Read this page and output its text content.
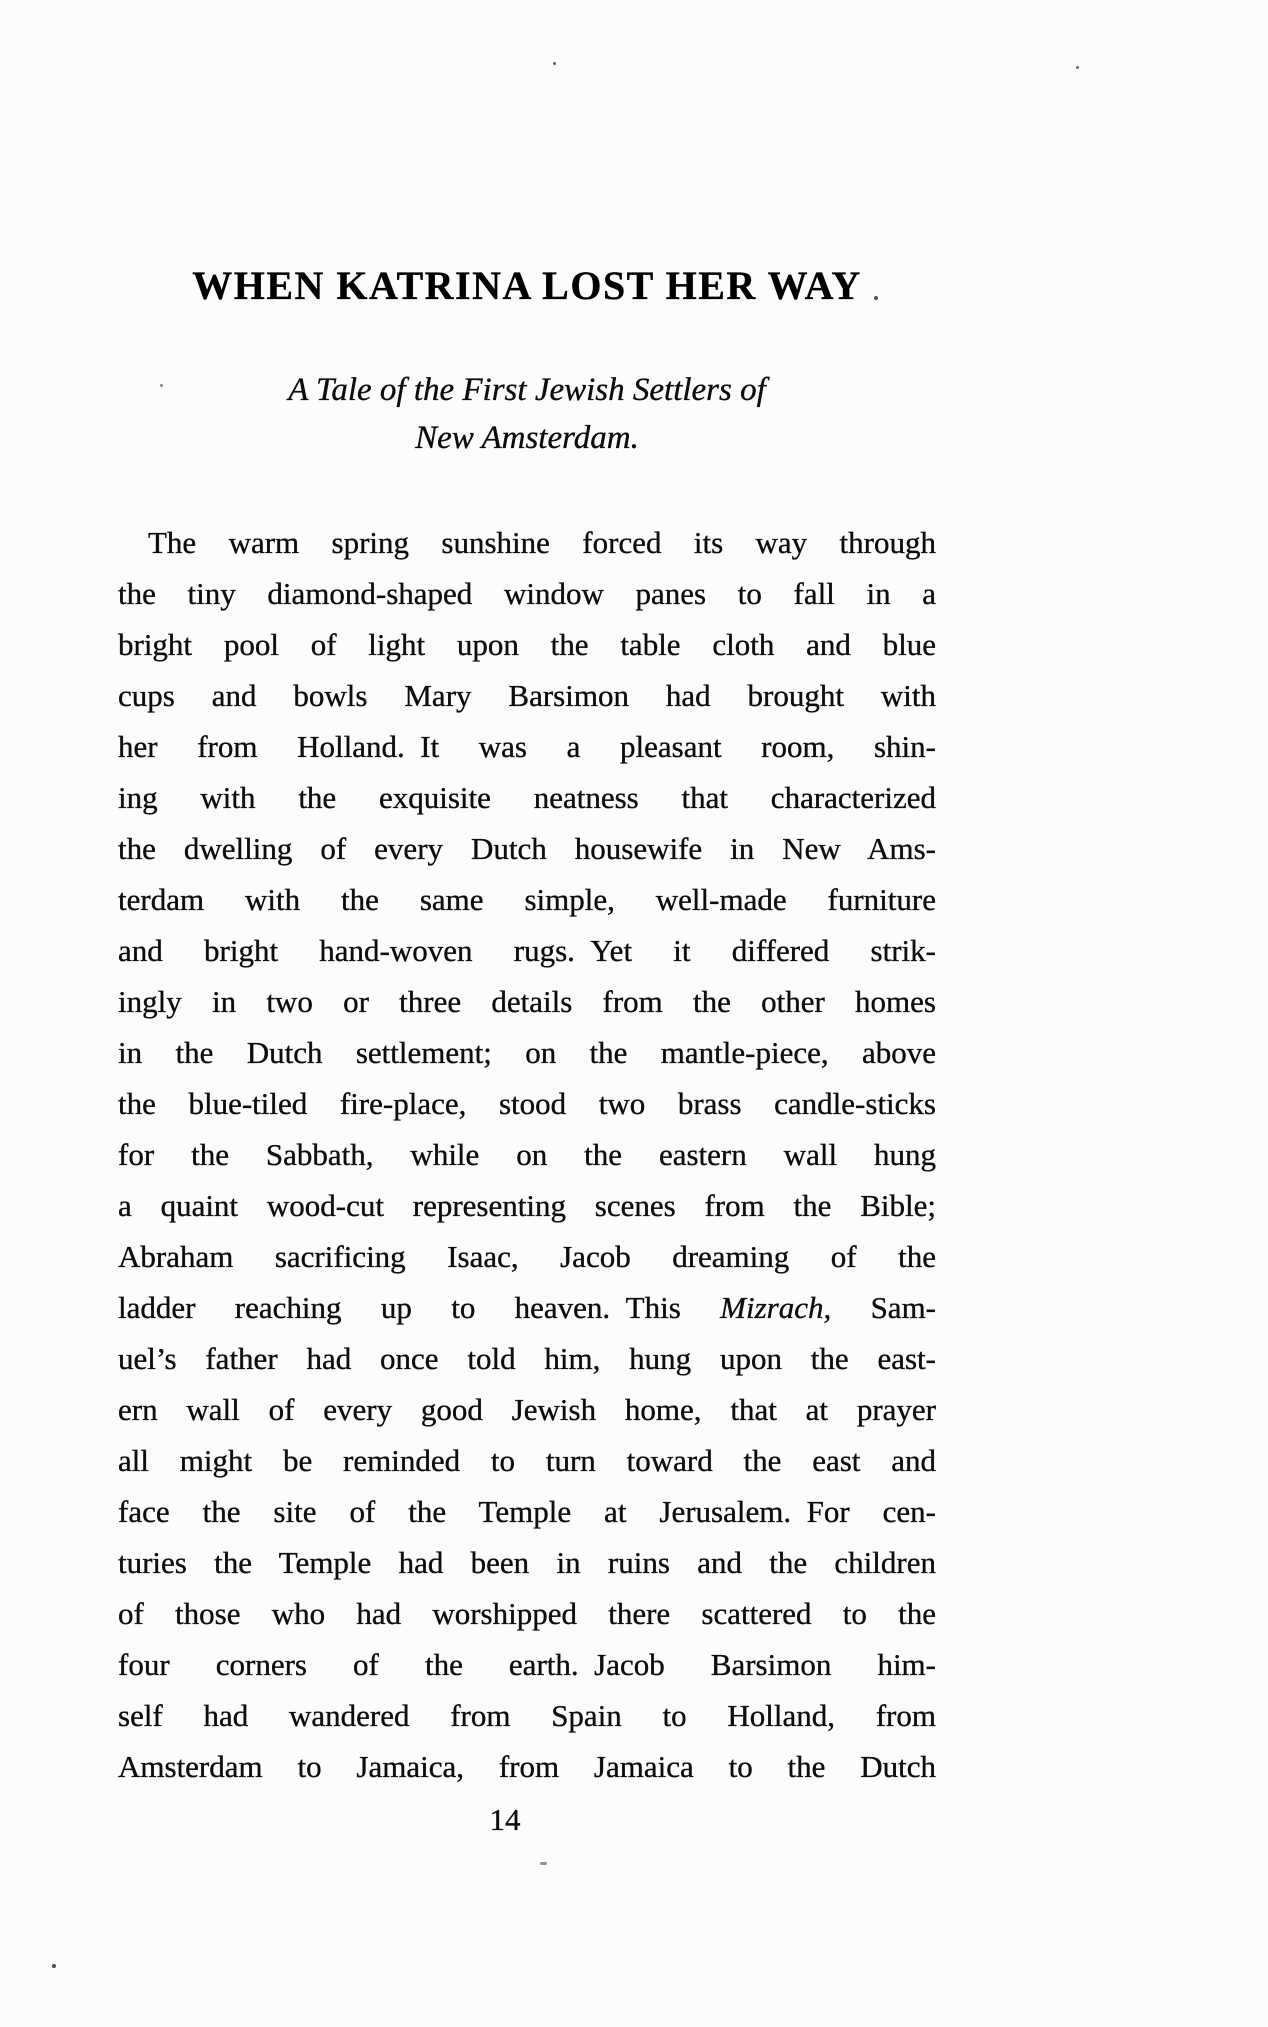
WHEN KATRINA LOST HER WAY
A Tale of the First Jewish Settlers of
New Amsterdam.
The warm spring sunshine forced its way through
the tiny diamond-shaped window panes to fall in a
bright pool of light upon the table cloth and blue
cups and bowls Mary Barsimon had brought with
her from Holland. It was a pleasant room, shin-
ing with the exquisite neatness that characterized
the dwelling of every Dutch housewife in New Ams-
terdam with the same simple, well-made furniture
and bright hand-woven rugs. Yet it differed strik-
ingly in two or three details from the other homes
in the Dutch settlement; on the mantle-piece, above
the blue-tiled fire-place, stood two brass candle-sticks
for the Sabbath, while on the eastern wall hung
a quaint wood-cut representing scenes from the Bible;
Abraham sacrificing Isaac, Jacob dreaming of the
ladder reaching up to heaven. This Mizrach, Sam-
uel’s father had once told him, hung upon the east-
ern wall of every good Jewish home, that at prayer
all might be reminded to turn toward the east and
face the site of the Temple at Jerusalem. For cen-
turies the Temple had been in ruins and the children
of those who had worshipped there scattered to the
four corners of the earth. Jacob Barsimon him-
self had wandered from Spain to Holland, from
Amsterdam to Jamaica, from Jamaica to the Dutch
14
